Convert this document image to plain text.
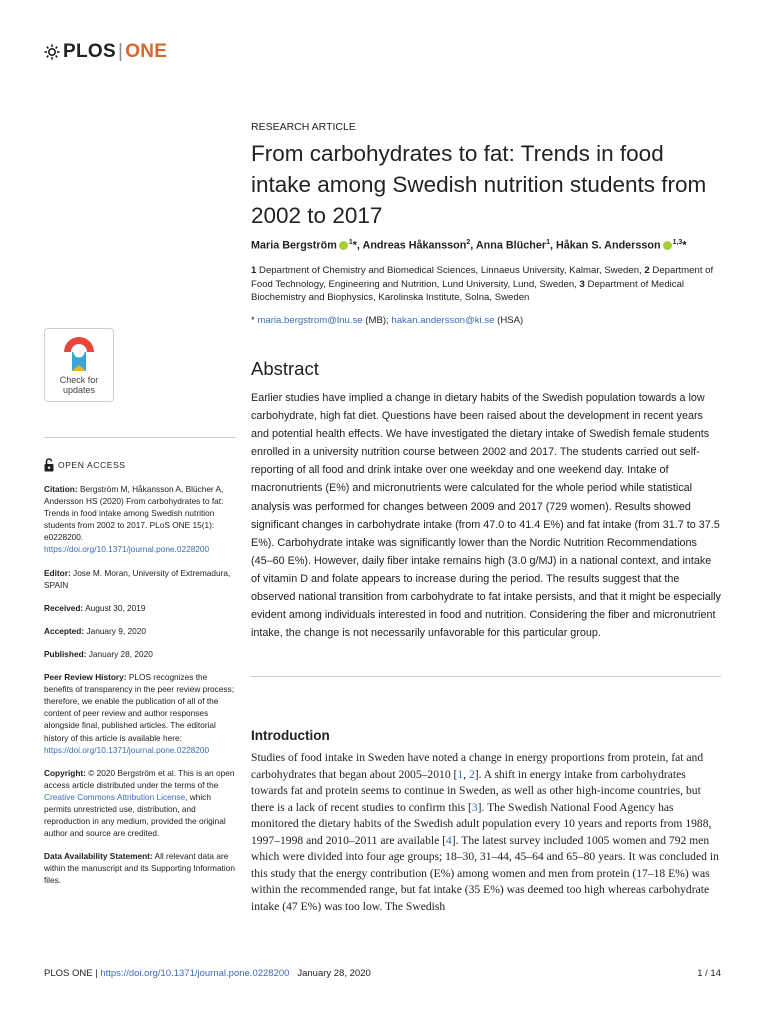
PLOS | ONE
RESEARCH ARTICLE
From carbohydrates to fat: Trends in food intake among Swedish nutrition students from 2002 to 2017
Maria Bergström $^1$*, Andreas Håkansson$^2$, Anna Blücher$^1$, Håkan S. Andersson $^{1,3}$*
1 Department of Chemistry and Biomedical Sciences, Linnaeus University, Kalmar, Sweden, 2 Department of Food Technology, Engineering and Nutrition, Lund University, Lund, Sweden, 3 Department of Medical Biochemistry and Biophysics, Karolinska Institute, Solna, Sweden
* maria.bergstrom@lnu.se (MB); hakan.andersson@ki.se (HSA)
Check for
updates
OPEN ACCESS
Citation: Bergström M, Håkansson A, Blücher A, Andersson HS (2020) From carbohydrates to fat: Trends in food intake among Swedish nutrition students from 2002 to 2017. PLoS ONE 15(1): e0228200. https://doi.org/10.1371/journal.pone.0228200
Editor: Jose M. Moran, University of Extremadura, SPAIN
Received: August 30, 2019
Accepted: January 9, 2020
Published: January 28, 2020
Peer Review History: PLOS recognizes the benefits of transparency in the peer review process; therefore, we enable the publication of all of the content of peer review and author responses alongside final, published articles. The editorial history of this article is available here: https://doi.org/10.1371/journal.pone.0228200
Copyright: © 2020 Bergström et al. This is an open access article distributed under the terms of the Creative Commons Attribution License, which permits unrestricted use, distribution, and reproduction in any medium, provided the original author and source are credited.
Data Availability Statement: All relevant data are within the manuscript and its Supporting Information files.
Abstract
Earlier studies have implied a change in dietary habits of the Swedish population towards a low carbohydrate, high fat diet. Questions have been raised about the development in recent years and potential health effects. We have investigated the dietary intake of Swedish female students enrolled in a university nutrition course between 2002 and 2017. The students carried out self-reporting of all food and drink intake over one weekday and one weekend day. Intake of macronutrients (E%) and micronutrients were calculated for the whole period while statistical analysis was performed for changes between 2009 and 2017 (729 women). Results showed significant changes in carbohydrate intake (from 47.0 to 41.4 E%) and fat intake (from 31.7 to 37.5 E%). Carbohydrate intake was significantly lower than the Nordic Nutrition Recommendations (45–60 E%). However, daily fiber intake remains high (3.0 g/MJ) in a national context, and intake of vitamin D and folate appears to increase during the period. The results suggest that the observed national transition from carbohydrate to fat intake persists, and that it might be especially evident among individuals interested in food and nutrition. Considering the fiber and micronutrient intake, the change is not necessarily unfavorable for this particular group.
Introduction
Studies of food intake in Sweden have noted a change in energy proportions from protein, fat and carbohydrates that began about 2005–2010 [1, 2]. A shift in energy intake from carbohydrates towards fat and protein seems to continue in Sweden, as well as other high-income countries, but there is a lack of recent studies to confirm this [3]. The Swedish National Food Agency has monitored the dietary habits of the Swedish adult population every 10 years and reports from 1988, 1997–1998 and 2010–2011 are available [4]. The latest survey included 1005 women and 792 men which were divided into four age groups; 18–30, 31–44, 45–64 and 65–80 years. It was concluded in this study that the energy contribution (E%) among women and men from protein (17–18 E%) was within the recommended range, but fat intake (35 E%) was deemed too high whereas carbohydrate intake (47 E%) was too low. The Swedish
PLOS ONE | https://doi.org/10.1371/journal.pone.0228200 January 28, 2020	1 / 14
